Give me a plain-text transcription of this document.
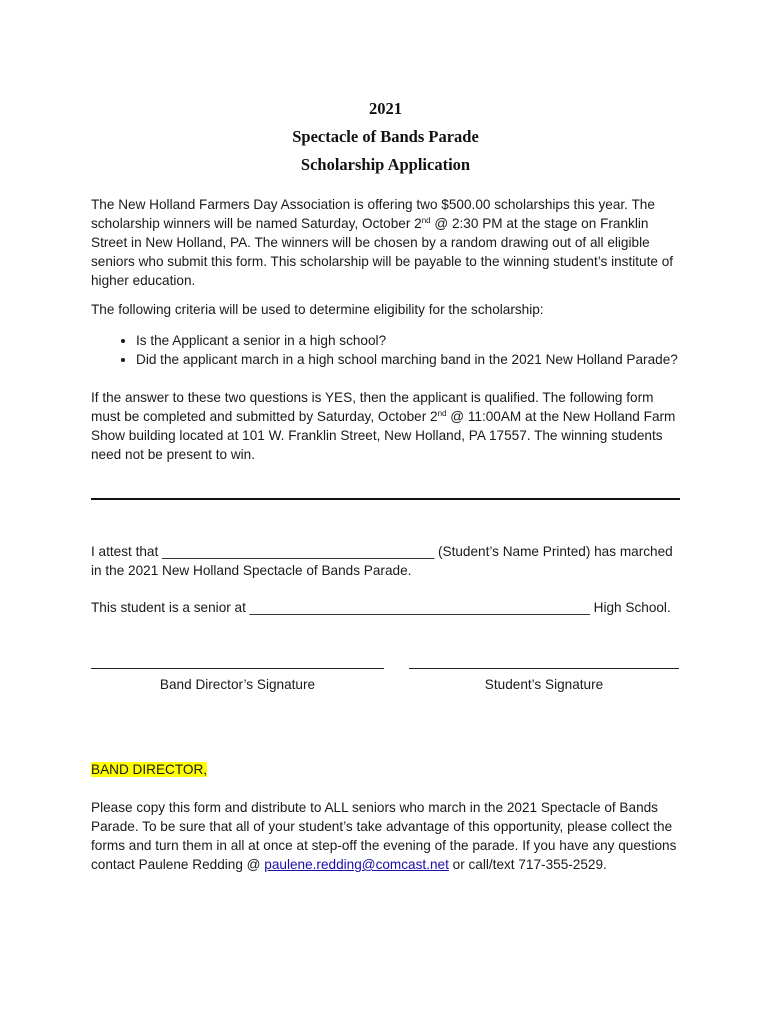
2021
Spectacle of Bands Parade
Scholarship Application

The New Holland Farmers Day Association is offering two $500.00 scholarships this year. The scholarship winners will be named Saturday, October 2nd @ 2:30 PM at the stage on Franklin Street in New Holland, PA. The winners will be chosen by a random drawing out of all eligible seniors who submit this form. This scholarship will be payable to the winning student’s institute of higher education.

The following criteria will be used to determine eligibility for the scholarship:

• Is the Applicant a senior in a high school?
• Did the applicant march in a high school marching band in the 2021 New Holland Parade?

If the answer to these two questions is YES, then the applicant is qualified. The following form must be completed and submitted by Saturday, October 2nd @ 11:00AM at the New Holland Farm Show building located at 101 W. Franklin Street, New Holland, PA 17557. The winning students need not be present to win.

I attest that ____________________________________ (Student’s Name Printed) has marched in the 2021 New Holland Spectacle of Bands Parade.

This student is a senior at _____________________________________________ High School.

Band Director’s Signature	Student’s Signature

BAND DIRECTOR,

Please copy this form and distribute to ALL seniors who march in the 2021 Spectacle of Bands Parade. To be sure that all of your student’s take advantage of this opportunity, please collect the forms and turn them in all at once at step-off the evening of the parade. If you have any questions contact Paulene Redding @ paulene.redding@comcast.net or call/text 717-355-2529.
